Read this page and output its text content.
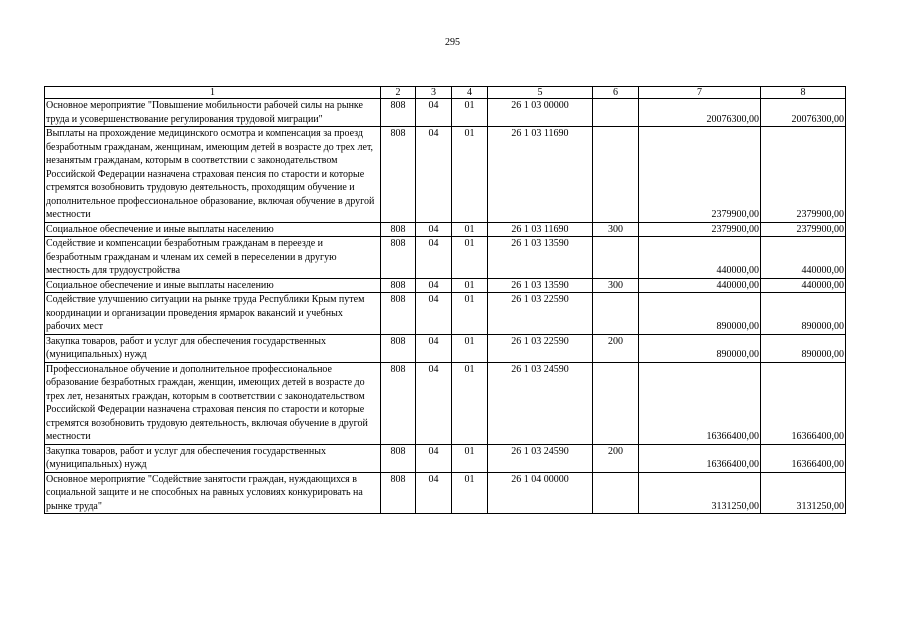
295
1	2	3	4	5	6	7	8
Основное мероприятие "Повышение мобильности рабочей силы на рынке труда и усовершенствование регулирования трудовой миграции"	808	04	01	26 1 03 00000		20076300,00	20076300,00
Выплаты на прохождение медицинского осмотра и компенсация за проезд безработным гражданам, женщинам, имеющим детей в возрасте до трех лет, незанятым гражданам, которым в соответствии с законодательством Российской Федерации назначена страховая пенсия по старости и которые стремятся возобновить трудовую деятельность, проходящим обучение и дополнительное профессиональное образование, включая обучение в другой местности	808	04	01	26 1 03 11690		2379900,00	2379900,00
Социальное обеспечение и иные выплаты населению	808	04	01	26 1 03 11690	300	2379900,00	2379900,00
Содействие и компенсации безработным гражданам в переезде и безработным гражданам и членам их семей в переселении в другую местность для трудоустройства	808	04	01	26 1 03 13590		440000,00	440000,00
Социальное обеспечение и иные выплаты населению	808	04	01	26 1 03 13590	300	440000,00	440000,00
Содействие улучшению ситуации на рынке труда Республики Крым путем координации и организации проведения ярмарок вакансий и учебных рабочих мест	808	04	01	26 1 03 22590		890000,00	890000,00
Закупка товаров, работ и услуг для обеспечения государственных (муниципальных) нужд	808	04	01	26 1 03 22590	200	890000,00	890000,00
Профессиональное обучение и дополнительное профессиональное образование безработных граждан, женщин, имеющих детей в возрасте до трех лет, незанятых граждан, которым в соответствии с законодательством Российской Федерации назначена страховая пенсия по старости и которые стремятся возобновить трудовую деятельность, включая обучение в другой местности	808	04	01	26 1 03 24590		16366400,00	16366400,00
Закупка товаров, работ и услуг для обеспечения государственных (муниципальных) нужд	808	04	01	26 1 03 24590	200	16366400,00	16366400,00
Основное мероприятие "Содействие занятости граждан, нуждающихся в социальной защите и не способных на равных условиях конкурировать на рынке труда"	808	04	01	26 1 04 00000		3131250,00	3131250,00
